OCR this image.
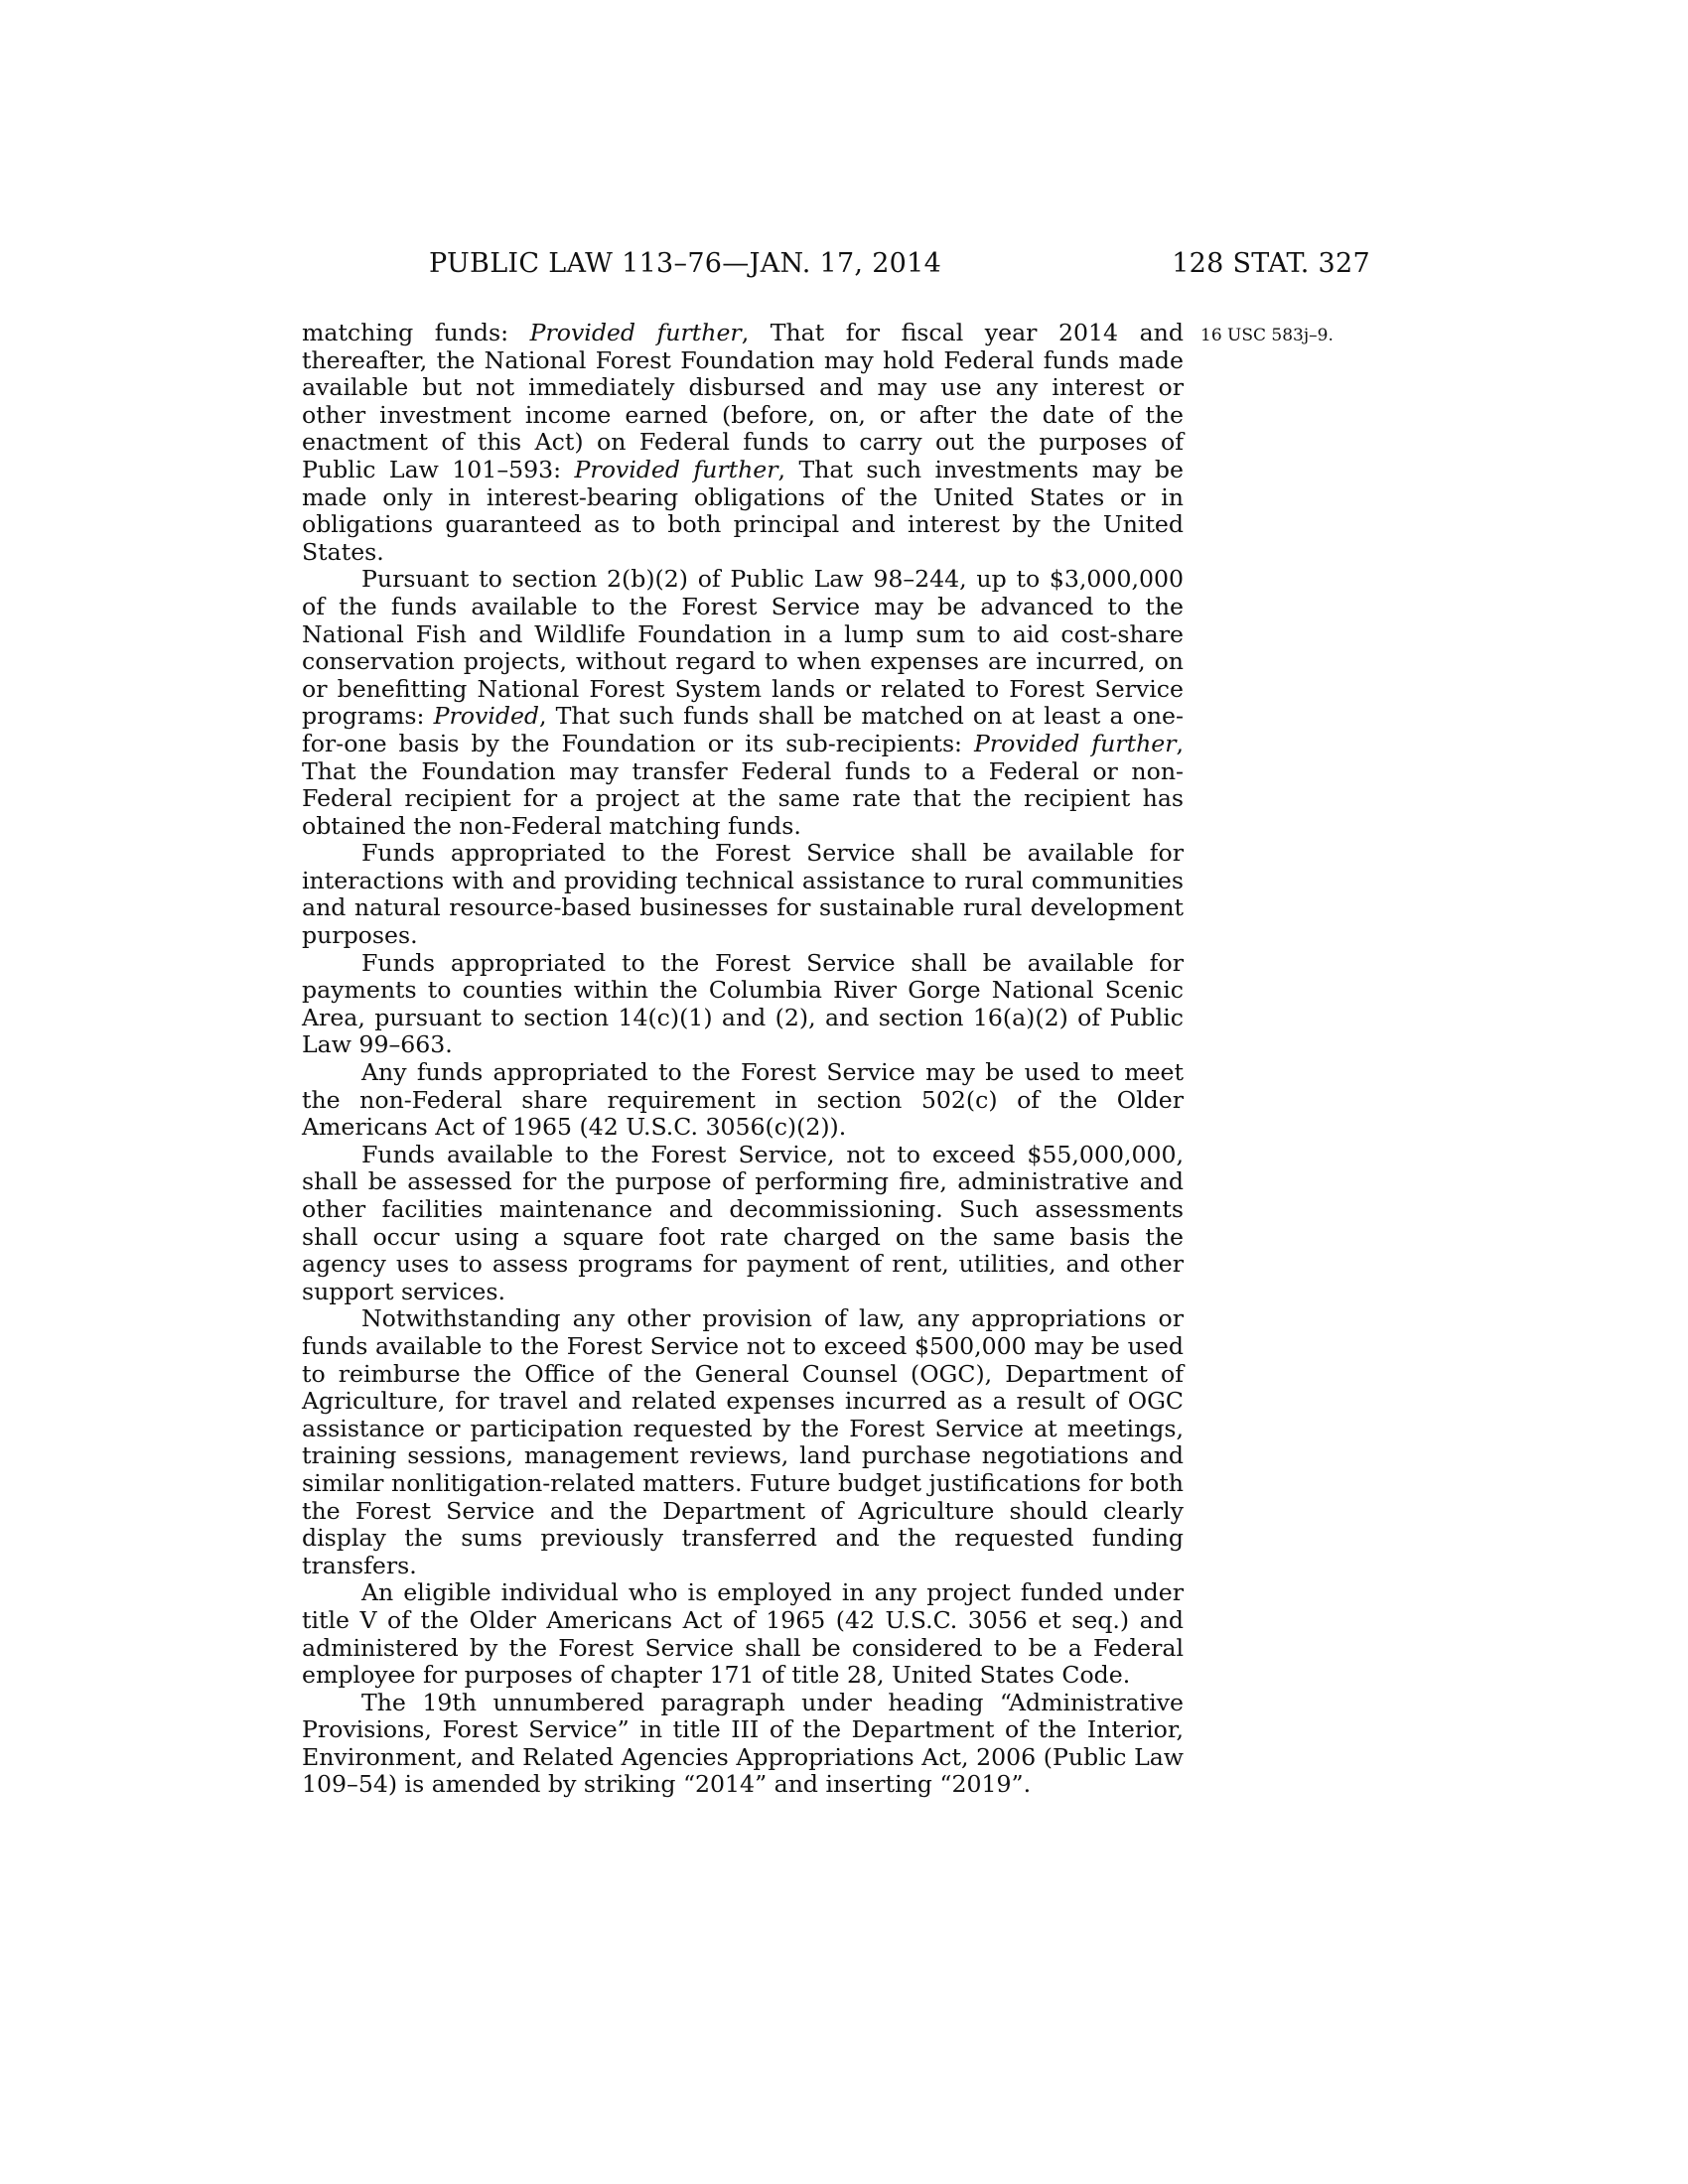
PUBLIC LAW 113–76—JAN. 17, 2014	128 STAT. 327
16 USC 583j–9.

matching funds: Provided further, That for fiscal year 2014 and thereafter, the National Forest Foundation may hold Federal funds made available but not immediately disbursed and may use any interest or other investment income earned (before, on, or after the date of the enactment of this Act) on Federal funds to carry out the purposes of Public Law 101–593: Provided further, That such investments may be made only in interest-bearing obligations of the United States or in obligations guaranteed as to both principal and interest by the United States.

Pursuant to section 2(b)(2) of Public Law 98–244, up to $3,000,000 of the funds available to the Forest Service may be advanced to the National Fish and Wildlife Foundation in a lump sum to aid cost-share conservation projects, without regard to when expenses are incurred, on or benefitting National Forest System lands or related to Forest Service programs: Provided, That such funds shall be matched on at least a one-for-one basis by the Foundation or its sub-recipients: Provided further, That the Foundation may transfer Federal funds to a Federal or non-Federal recipient for a project at the same rate that the recipient has obtained the non-Federal matching funds.

Funds appropriated to the Forest Service shall be available for interactions with and providing technical assistance to rural communities and natural resource-based businesses for sustainable rural development purposes.

Funds appropriated to the Forest Service shall be available for payments to counties within the Columbia River Gorge National Scenic Area, pursuant to section 14(c)(1) and (2), and section 16(a)(2) of Public Law 99–663.

Any funds appropriated to the Forest Service may be used to meet the non-Federal share requirement in section 502(c) of the Older Americans Act of 1965 (42 U.S.C. 3056(c)(2)).

Funds available to the Forest Service, not to exceed $55,000,000, shall be assessed for the purpose of performing fire, administrative and other facilities maintenance and decommissioning. Such assessments shall occur using a square foot rate charged on the same basis the agency uses to assess programs for payment of rent, utilities, and other support services.

Notwithstanding any other provision of law, any appropriations or funds available to the Forest Service not to exceed $500,000 may be used to reimburse the Office of the General Counsel (OGC), Department of Agriculture, for travel and related expenses incurred as a result of OGC assistance or participation requested by the Forest Service at meetings, training sessions, management reviews, land purchase negotiations and similar nonlitigation-related matters. Future budget justifications for both the Forest Service and the Department of Agriculture should clearly display the sums previously transferred and the requested funding transfers.

An eligible individual who is employed in any project funded under title V of the Older Americans Act of 1965 (42 U.S.C. 3056 et seq.) and administered by the Forest Service shall be considered to be a Federal employee for purposes of chapter 171 of title 28, United States Code.

The 19th unnumbered paragraph under heading “Administrative Provisions, Forest Service” in title III of the Department of the Interior, Environment, and Related Agencies Appropriations Act, 2006 (Public Law 109–54) is amended by striking “2014” and inserting “2019”.
